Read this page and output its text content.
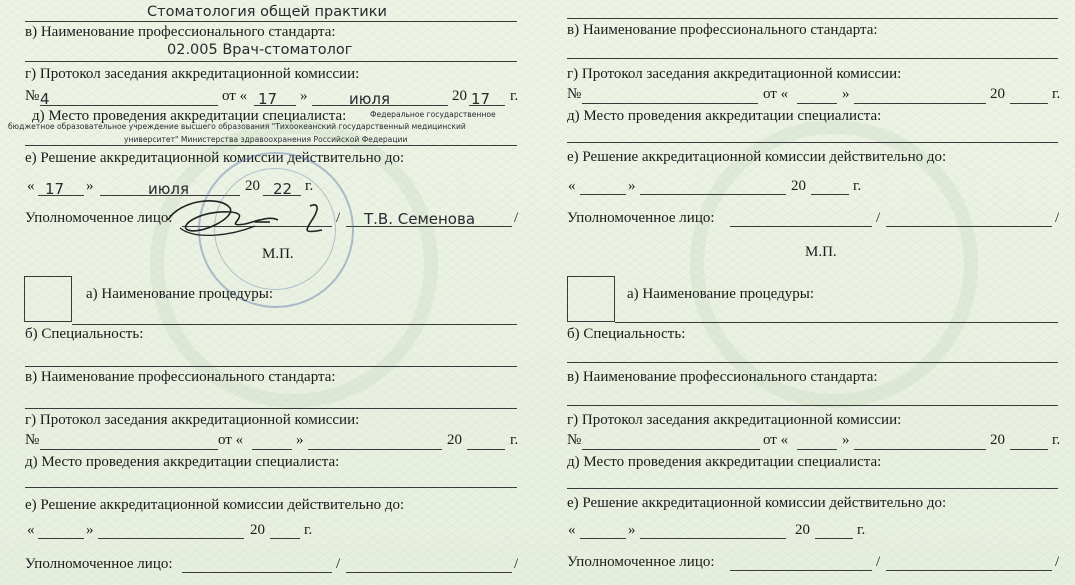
Стоматология общей практики
в) Наименование профессионального стандарта:
02.005 Врач-стоматолог
г) Протокол заседания аккредитационной комиссии:
№ 4	от « 17 »	июля	20 17 г.
д) Место проведения аккредитации специалиста:	Федеральное государственное
бюджетное образовательное учреждение высшего образования "Тихоокеанский государственный медицинский
университет" Министерства здравоохранения Российской Федерации
е) Решение аккредитационной комиссии действительно до:
« 17 »	июля	20 22 г.
Уполномоченное лицо:	/ Т.В. Семенова	/
М.П.
а) Наименование процедуры:
б) Специальность:
в) Наименование профессионального стандарта:
г) Протокол заседания аккредитационной комиссии:
№	от «	»	20	г.
д) Место проведения аккредитации специалиста:
е) Решение аккредитационной комиссии действительно до:
«	»	20	г.
Уполномоченное лицо:	/	/
в) Наименование профессионального стандарта:
г) Протокол заседания аккредитационной комиссии:
№	от «	»	20	г.
д) Место проведения аккредитации специалиста:
е) Решение аккредитационной комиссии действительно до:
«	»	20	г.
Уполномоченное лицо:	/	/
М.П.
а) Наименование процедуры:
б) Специальность:
в) Наименование профессионального стандарта:
г) Протокол заседания аккредитационной комиссии:
№	от «	»	20	г.
д) Место проведения аккредитации специалиста:
е) Решение аккредитационной комиссии действительно до:
«	»	20	г.
Уполномоченное лицо:	/	/
